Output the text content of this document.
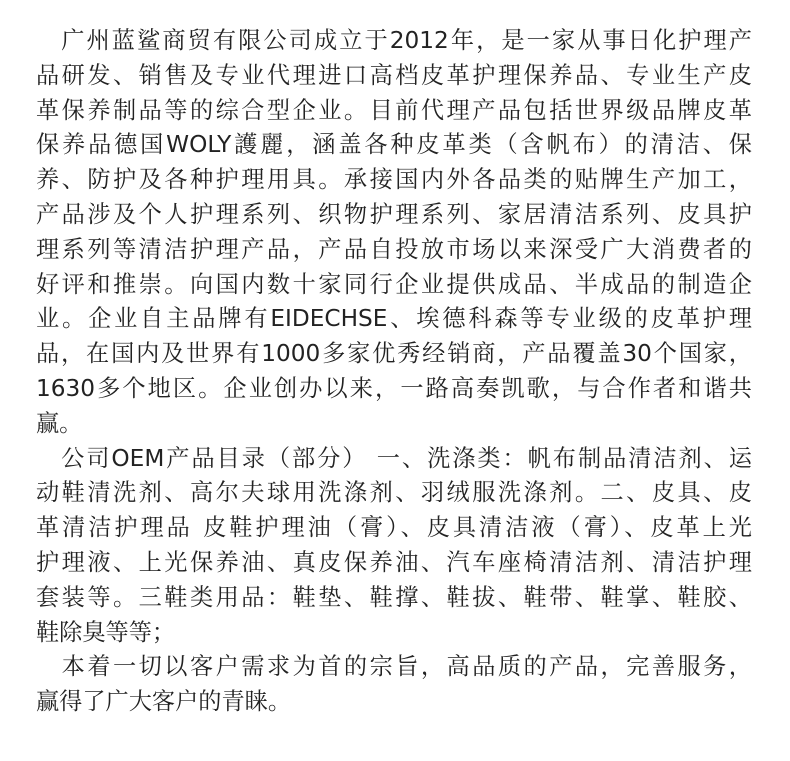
　广州蓝鲨商贸有限公司成立于2012年，是一家从事日化护理产
品研发、销售及专业代理进口高档皮革护理保养品、专业生产皮
革保养制品等的综合型企业。目前代理产品包括世界级品牌皮革
保养品德国WOLY護麗，涵盖各种皮革类（含帆布）的清洁、保
养、防护及各种护理用具。承接国内外各品类的贴牌生产加工，
产品涉及个人护理系列、织物护理系列、家居清洁系列、皮具护
理系列等清洁护理产品，产品自投放市场以来深受广大消费者的
好评和推崇。向国内数十家同行企业提供成品、半成品的制造企
业。企业自主品牌有EIDECHSE、埃德科森等专业级的皮革护理
品，在国内及世界有1000多家优秀经销商，产品覆盖30个国家，
1630多个地区。企业创办以来，一路高奏凯歌，与合作者和谐共
赢。
　公司OEM产品目录（部分） 一、洗涤类：帆布制品清洁剂、运
动鞋清洗剂、高尔夫球用洗涤剂、羽绒服洗涤剂。二、皮具、皮
革清洁护理品 皮鞋护理油（膏）、皮具清洁液（膏）、皮革上光
护理液、上光保养油、真皮保养油、汽车座椅清洁剂、清洁护理
套装等。三鞋类用品：鞋垫、鞋撑、鞋拔、鞋带、鞋掌、鞋胶、
鞋除臭等等；
　本着一切以客户需求为首的宗旨，高品质的产品，完善服务，
赢得了广大客户的青睐。
